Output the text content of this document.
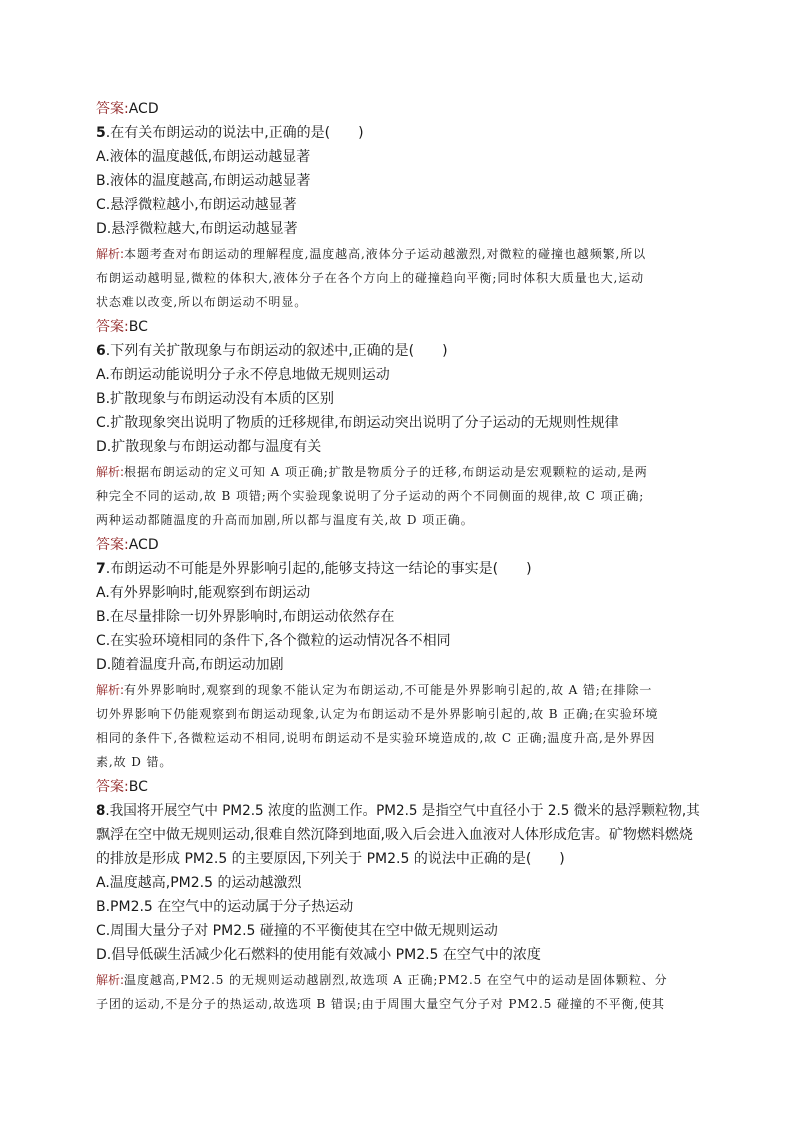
答案:ACD
5.在有关布朗运动的说法中,正确的是(　　)
A.液体的温度越低,布朗运动越显著
B.液体的温度越高,布朗运动越显著
C.悬浮微粒越小,布朗运动越显著
D.悬浮微粒越大,布朗运动越显著
解析:本题考查对布朗运动的理解程度,温度越高,液体分子运动越激烈,对微粒的碰撞也越频繁,所以
布朗运动越明显,微粒的体积大,液体分子在各个方向上的碰撞趋向平衡;同时体积大质量也大,运动
状态难以改变,所以布朗运动不明显。
答案:BC
6.下列有关扩散现象与布朗运动的叙述中,正确的是(　　)
A.布朗运动能说明分子永不停息地做无规则运动
B.扩散现象与布朗运动没有本质的区别
C.扩散现象突出说明了物质的迁移规律,布朗运动突出说明了分子运动的无规则性规律
D.扩散现象与布朗运动都与温度有关
解析:根据布朗运动的定义可知 A 项正确;扩散是物质分子的迁移,布朗运动是宏观颗粒的运动,是两
种完全不同的运动,故 B 项错;两个实验现象说明了分子运动的两个不同侧面的规律,故 C 项正确;
两种运动都随温度的升高而加剧,所以都与温度有关,故 D 项正确。
答案:ACD
7.布朗运动不可能是外界影响引起的,能够支持这一结论的事实是(　　)
A.有外界影响时,能观察到布朗运动
B.在尽量排除一切外界影响时,布朗运动依然存在
C.在实验环境相同的条件下,各个微粒的运动情况各不相同
D.随着温度升高,布朗运动加剧
解析:有外界影响时,观察到的现象不能认定为布朗运动,不可能是外界影响引起的,故 A 错;在排除一
切外界影响下仍能观察到布朗运动现象,认定为布朗运动不是外界影响引起的,故 B 正确;在实验环境
相同的条件下,各微粒运动不相同,说明布朗运动不是实验环境造成的,故 C 正确;温度升高,是外界因
素,故 D 错。
答案:BC
8.我国将开展空气中 PM2.5 浓度的监测工作。PM2.5 是指空气中直径小于 2.5 微米的悬浮颗粒物,其
飘浮在空中做无规则运动,很难自然沉降到地面,吸入后会进入血液对人体形成危害。矿物燃料燃烧
的排放是形成 PM2.5 的主要原因,下列关于 PM2.5 的说法中正确的是(　　)
A.温度越高,PM2.5 的运动越激烈
B.PM2.5 在空气中的运动属于分子热运动
C.周围大量分子对 PM2.5 碰撞的不平衡使其在空中做无规则运动
D.倡导低碳生活减少化石燃料的使用能有效减小 PM2.5 在空气中的浓度
解析:温度越高,PM2.5 的无规则运动越剧烈,故选项 A 正确;PM2.5 在空气中的运动是固体颗粒、分
子团的运动,不是分子的热运动,故选项 B 错误;由于周围大量空气分子对 PM2.5 碰撞的不平衡,使其
